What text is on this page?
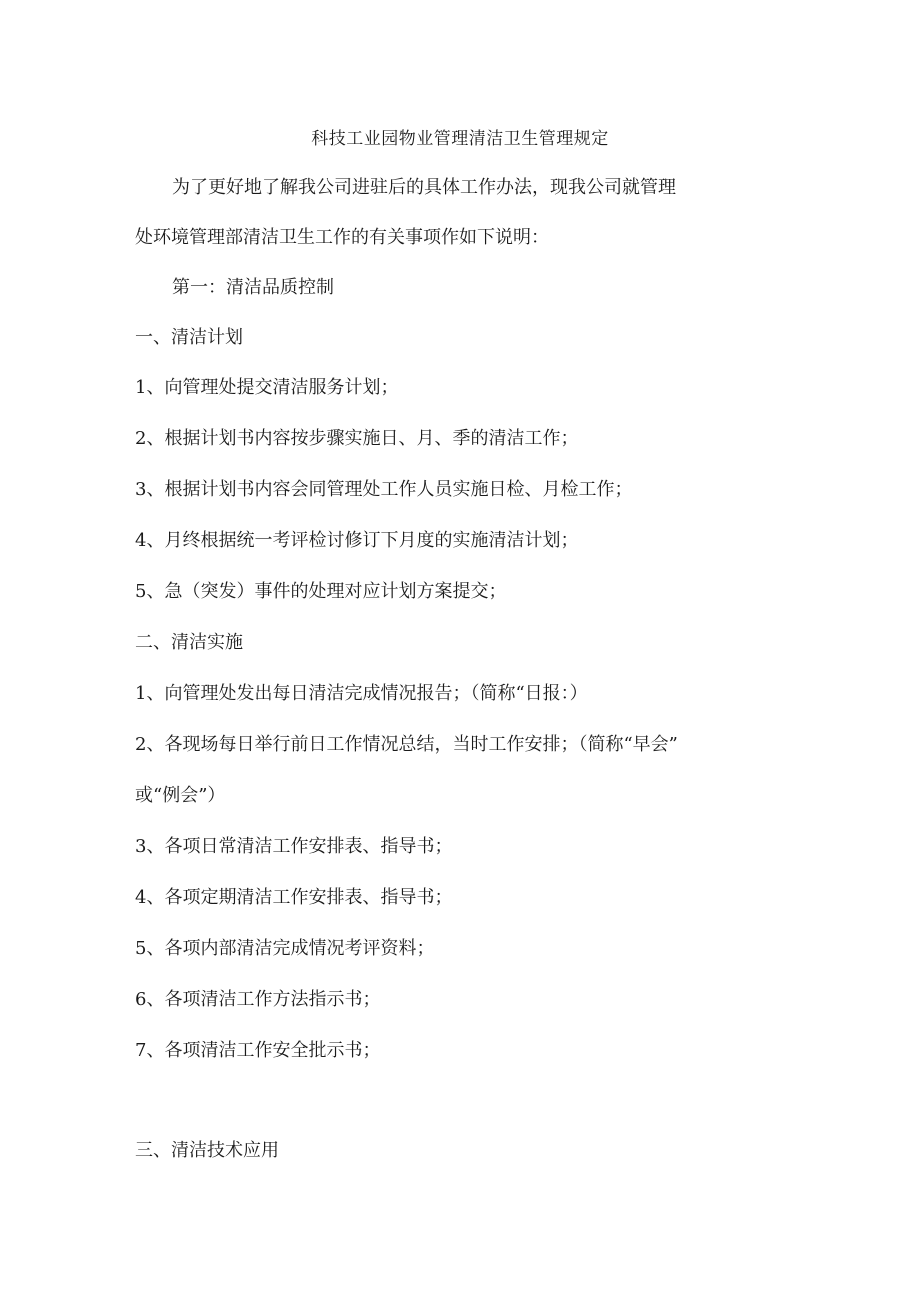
科技工业园物业管理清洁卫生管理规定
为了更好地了解我公司进驻后的具体工作办法，现我公司就管理
处环境管理部清洁卫生工作的有关事项作如下说明：
第一：清洁品质控制
一、清洁计划
1、向管理处提交清洁服务计划；
2、根据计划书内容按步骤实施日、月、季的清洁工作；
3、根据计划书内容会同管理处工作人员实施日检、月检工作；
4、月终根据统一考评检讨修订下月度的实施清洁计划；
5、急（突发）事件的处理对应计划方案提交；
二、清洁实施
1、向管理处发出每日清洁完成情况报告；（简称“日报：）
2、各现场每日举行前日工作情况总结，当时工作安排；（简称“早会”
或“例会”）
3、各项日常清洁工作安排表、指导书；
4、各项定期清洁工作安排表、指导书；
5、各项内部清洁完成情况考评资料；
6、各项清洁工作方法指示书；
7、各项清洁工作安全批示书；
三、清洁技术应用
